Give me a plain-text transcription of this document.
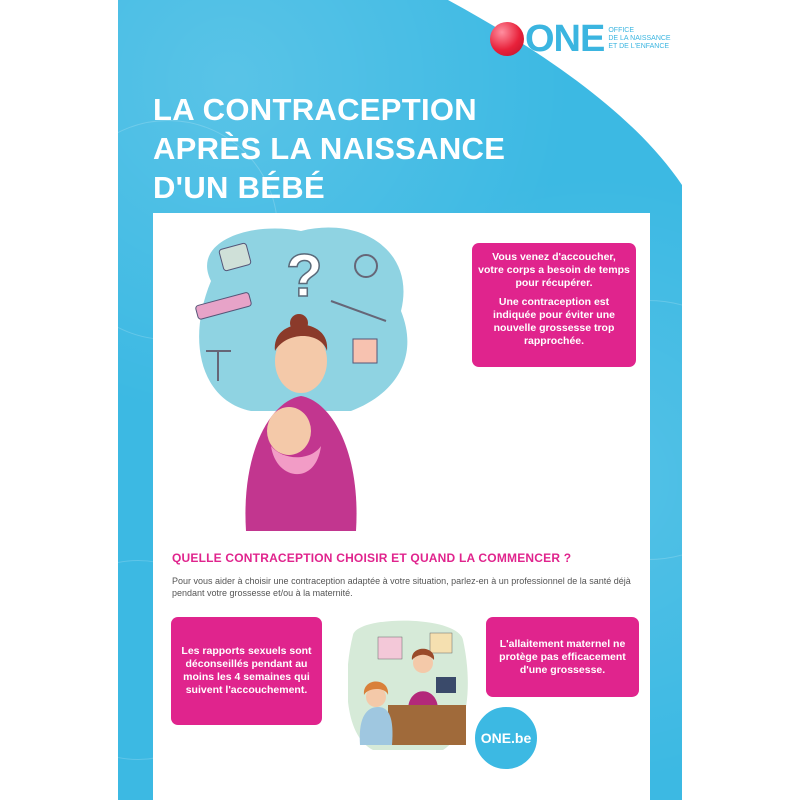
ONE OFFICE
DE LA NAISSANCE
ET DE L'ENFANCE
LA CONTRACEPTION
APRÈS LA NAISSANCE
D'UN BÉBÉ
?	Vous venez d'accoucher, votre corps a besoin de temps pour récupérer.

Une contraception est indiquée pour éviter une nouvelle grossesse trop rapprochée.

QUELLE CONTRACEPTION CHOISIR ET QUAND LA COMMENCER ?
Pour vous aider à choisir une contraception adaptée à votre situation, parlez-en à un professionnel de la santé déjà pendant votre grossesse et/ou à la maternité.
Les rapports sexuels sont déconseillés pendant au moins les 4 semaines qui suivent l'accouchement.
L'allaitement maternel ne protège pas efficacement d'une grossesse.
ONE.be
